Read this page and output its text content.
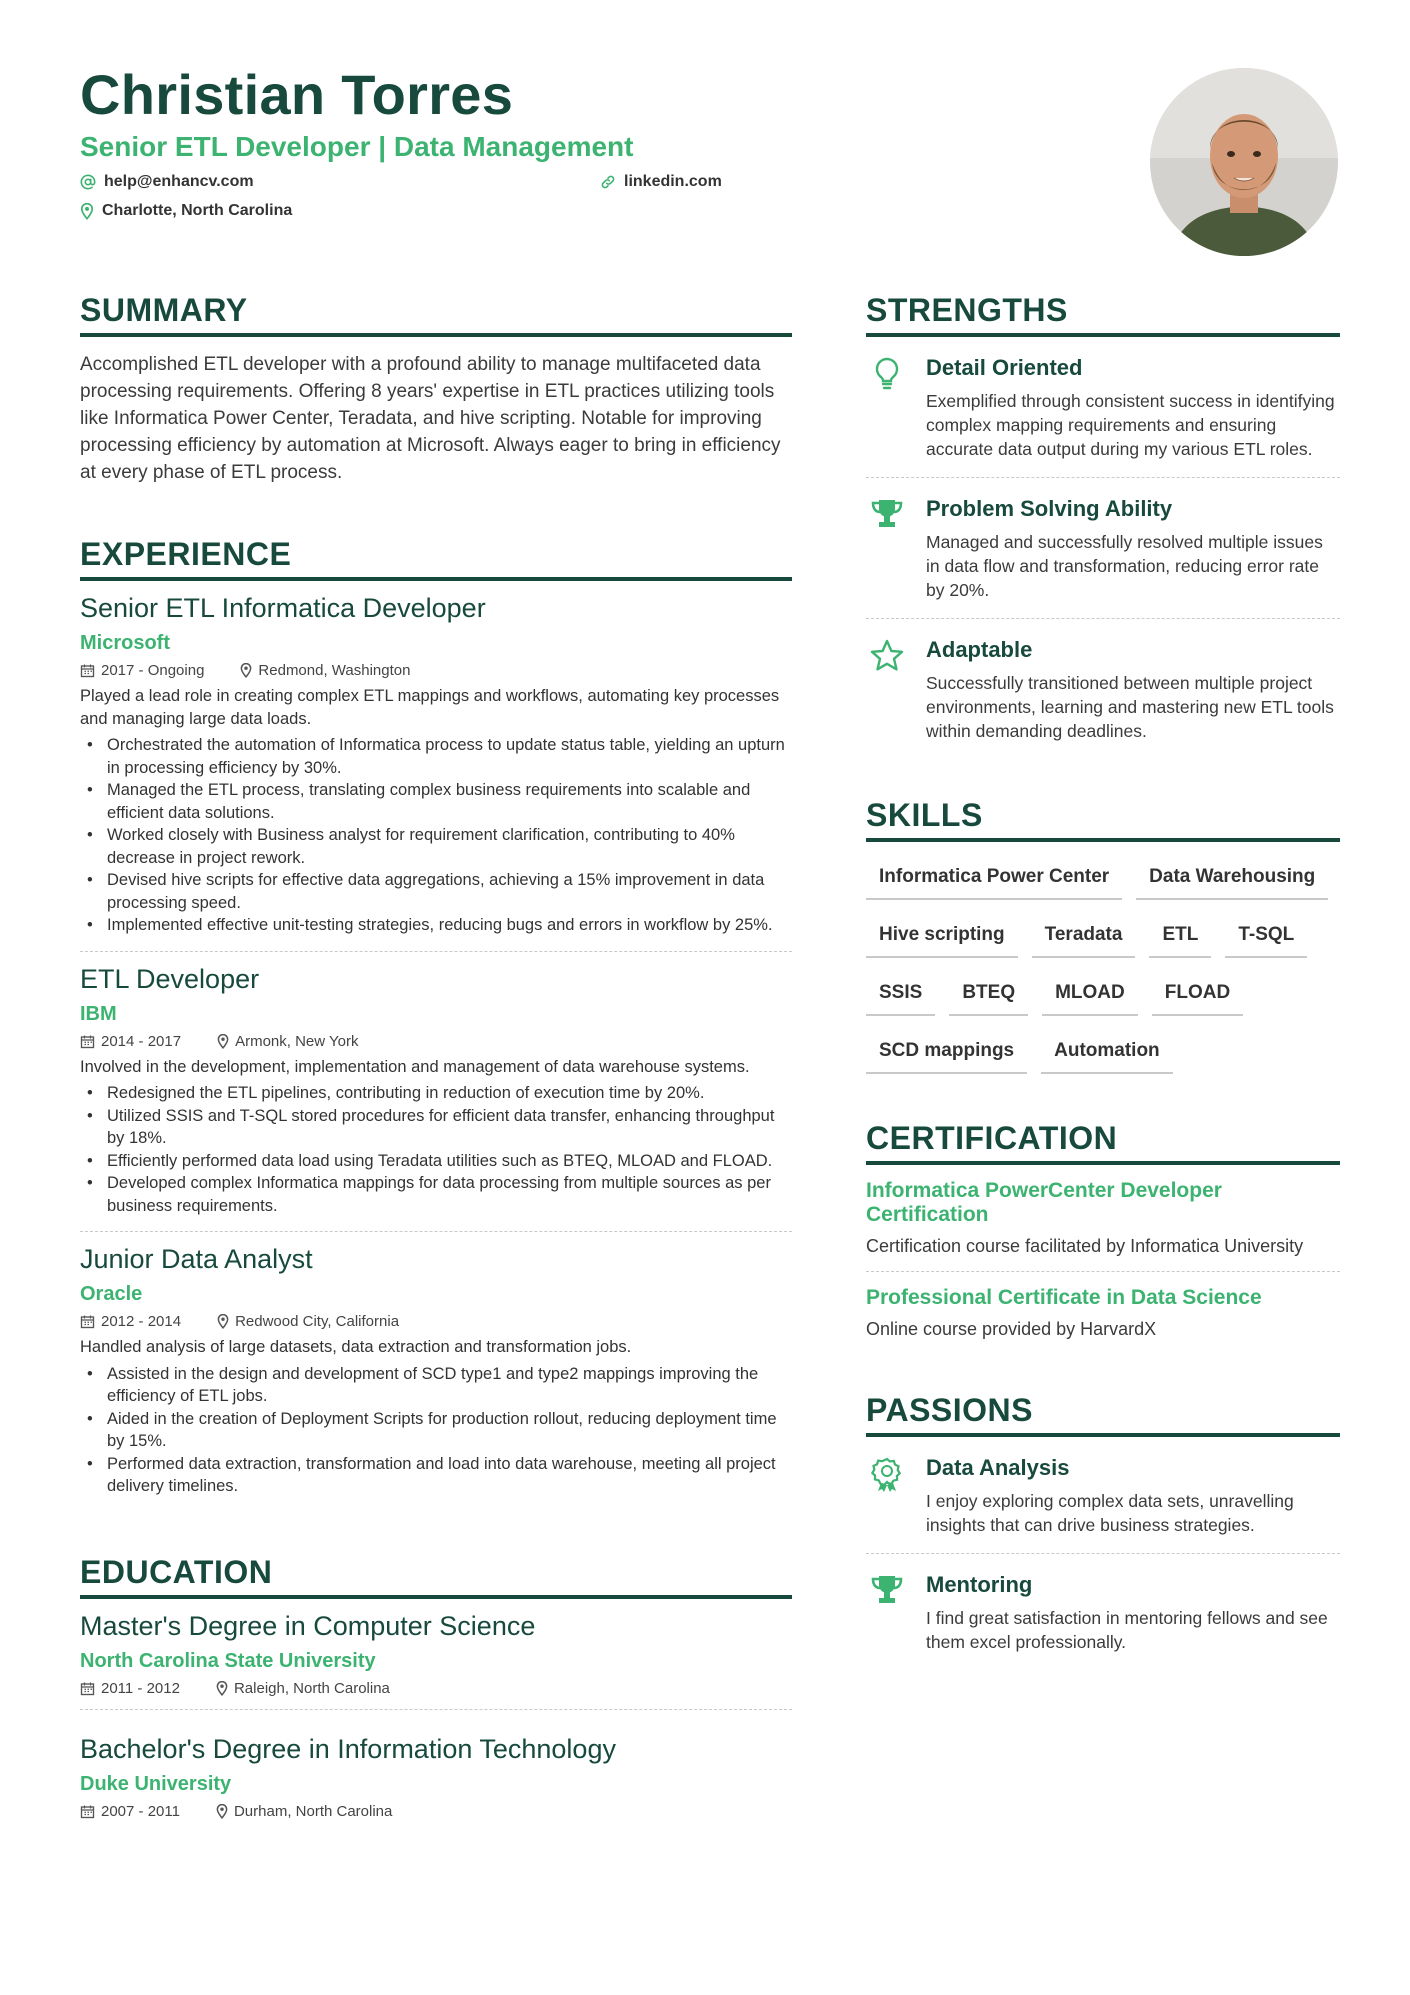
Christian Torres
Senior ETL Developer | Data Management
help@enhancv.com	linkedin.com
Charlotte, North Carolina
SUMMARY

Accomplished ETL developer with a profound ability to manage multifaceted data processing requirements. Offering 8 years' expertise in ETL practices utilizing tools like Informatica Power Center, Teradata, and hive scripting. Notable for improving processing efficiency by automation at Microsoft. Always eager to bring in efficiency at every phase of ETL process.

EXPERIENCE
Senior ETL Informatica Developer
Microsoft
2017 - Ongoing	Redmond, Washington

Played a lead role in creating complex ETL mappings and workflows, automating key processes and managing large data loads.

• Orchestrated the automation of Informatica process to update status table, yielding an upturn in processing efficiency by 30%.
• Managed the ETL process, translating complex business requirements into scalable and efficient data solutions.
• Worked closely with Business analyst for requirement clarification, contributing to 40% decrease in project rework.
• Devised hive scripts for effective data aggregations, achieving a 15% improvement in data processing speed.
• Implemented effective unit-testing strategies, reducing bugs and errors in workflow by 25%.
ETL Developer
IBM
2014 - 2017	Armonk, New York

Involved in the development, implementation and management of data warehouse systems.

• Redesigned the ETL pipelines, contributing in reduction of execution time by 20%.
• Utilized SSIS and T-SQL stored procedures for efficient data transfer, enhancing throughput by 18%.
• Efficiently performed data load using Teradata utilities such as BTEQ, MLOAD and FLOAD.
• Developed complex Informatica mappings for data processing from multiple sources as per business requirements.
Junior Data Analyst
Oracle
2012 - 2014	Redwood City, California

Handled analysis of large datasets, data extraction and transformation jobs.

• Assisted in the design and development of SCD type1 and type2 mappings improving the efficiency of ETL jobs.
• Aided in the creation of Deployment Scripts for production rollout, reducing deployment time by 15%.
• Performed data extraction, transformation and load into data warehouse, meeting all project delivery timelines.
EDUCATION
Master's Degree in Computer Science
North Carolina State University
2011 - 2012	Raleigh, North Carolina
Bachelor's Degree in Information Technology
Duke University
2007 - 2011	Durham, North Carolina
STRENGTHS
Detail Oriented

Exemplified through consistent success in identifying complex mapping requirements and ensuring accurate data output during my various ETL roles.

Problem Solving Ability

Managed and successfully resolved multiple issues in data flow and transformation, reducing error rate by 20%.

Adaptable

Successfully transitioned between multiple project environments, learning and mastering new ETL tools within demanding deadlines.

SKILLS
Informatica Power Center	Data Warehousing
Hive scripting	Teradata	ETL	T-SQL
SSIS	BTEQ	MLOAD	FLOAD
SCD mappings	Automation
CERTIFICATION
Informatica PowerCenter Developer Certification
Certification course facilitated by Informatica University
Professional Certificate in Data Science
Online course provided by HarvardX
PASSIONS
Data Analysis

I enjoy exploring complex data sets, unravelling insights that can drive business strategies.

Mentoring

I find great satisfaction in mentoring fellows and see them excel professionally.
